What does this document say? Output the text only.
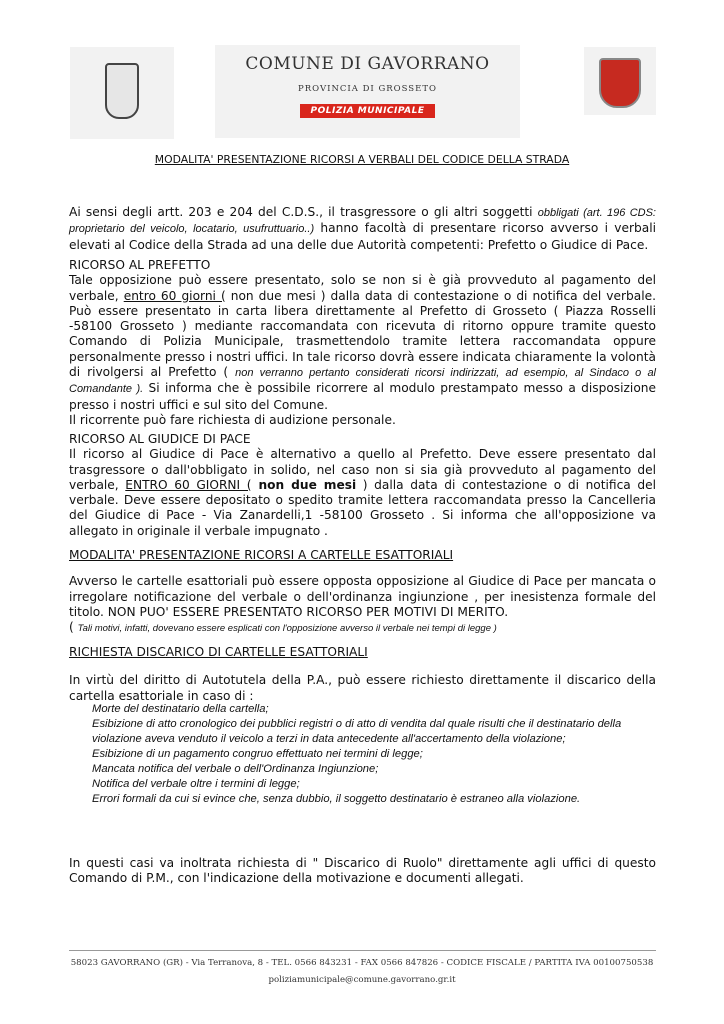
COMUNE DI GAVORRANO
PROVINCIA DI GROSSETO
POLIZIA MUNICIPALE
MODALITA' PRESENTAZIONE RICORSI A VERBALI DEL CODICE DELLA STRADA
Ai sensi degli artt. 203 e 204 del C.D.S., il trasgressore o gli altri soggetti obbligati (art. 196 CDS: proprietario del veicolo, locatario, usufruttuario..) hanno facoltà di presentare ricorso avverso i verbali elevati al Codice della Strada ad una delle due Autorità competenti: Prefetto o Giudice di Pace.
RICORSO AL PREFETTO
Tale opposizione può essere presentato, solo se non si è già provveduto al pagamento del verbale, entro 60 giorni ( non due mesi ) dalla data di contestazione o di notifica del verbale. Può essere presentato in carta libera direttamente al Prefetto di Grosseto ( Piazza Rosselli -58100 Grosseto ) mediante raccomandata con ricevuta di ritorno oppure tramite questo Comando di Polizia Municipale, trasmettendolo tramite lettera raccomandata oppure personalmente presso i nostri uffici. In tale ricorso dovrà essere indicata chiaramente la volontà di rivolgersi al Prefetto ( non verranno pertanto considerati ricorsi indirizzati, ad esempio, al Sindaco o al Comandante ). Si informa che è possibile ricorrere al modulo prestampato messo a disposizione presso i nostri uffici e sul sito del Comune.
Il ricorrente può fare richiesta di audizione personale.
RICORSO AL GIUDICE DI PACE
Il ricorso al Giudice di Pace è alternativo a quello al Prefetto. Deve essere presentato dal trasgressore o dall'obbligato in solido, nel caso non si sia già provveduto al pagamento del verbale, ENTRO 60 GIORNI ( non due mesi ) dalla data di contestazione o di notifica del verbale. Deve essere depositato o spedito tramite lettera raccomandata presso la Cancelleria del Giudice di Pace - Via Zanardelli,1 -58100 Grosseto . Si informa che all'opposizione va allegato in originale il verbale impugnato .
MODALITA' PRESENTAZIONE RICORSI A CARTELLE ESATTORIALI
Avverso le cartelle esattoriali può essere opposta opposizione al Giudice di Pace per mancata o irregolare notificazione del verbale o dell'ordinanza ingiunzione , per inesistenza formale del titolo. NON PUO' ESSERE PRESENTATO RICORSO PER MOTIVI DI MERITO.
( Tali motivi, infatti, dovevano essere esplicati con l'opposizione avverso il verbale nei tempi di legge )
RICHIESTA DISCARICO DI CARTELLE ESATTORIALI
In virtù del diritto di Autotutela della P.A., può essere richiesto direttamente il discarico della cartella esattoriale in caso di :
Morte del destinatario della cartella;
Esibizione di atto cronologico dei pubblici registri o di atto di vendita dal quale risulti che il destinatario della violazione aveva venduto il veicolo a terzi in data antecedente all'accertamento della violazione;
Esibizione di un pagamento congruo effettuato nei termini di legge;
Mancata notifica del verbale o dell'Ordinanza Ingiunzione;
Notifica del verbale oltre i termini di legge;
Errori formali da cui si evince che, senza dubbio, il soggetto destinatario è estraneo alla violazione.
In questi casi va inoltrata richiesta di " Discarico di Ruolo" direttamente agli uffici di questo Comando di P.M., con l'indicazione della motivazione e documenti allegati.
58023 GAVORRANO (GR) - Via Terranova, 8 - TEL. 0566 843231 - FAX 0566 847826 - CODICE FISCALE / PARTITA IVA 00100750538
poliziamunicipale@comune.gavorrano.gr.it
